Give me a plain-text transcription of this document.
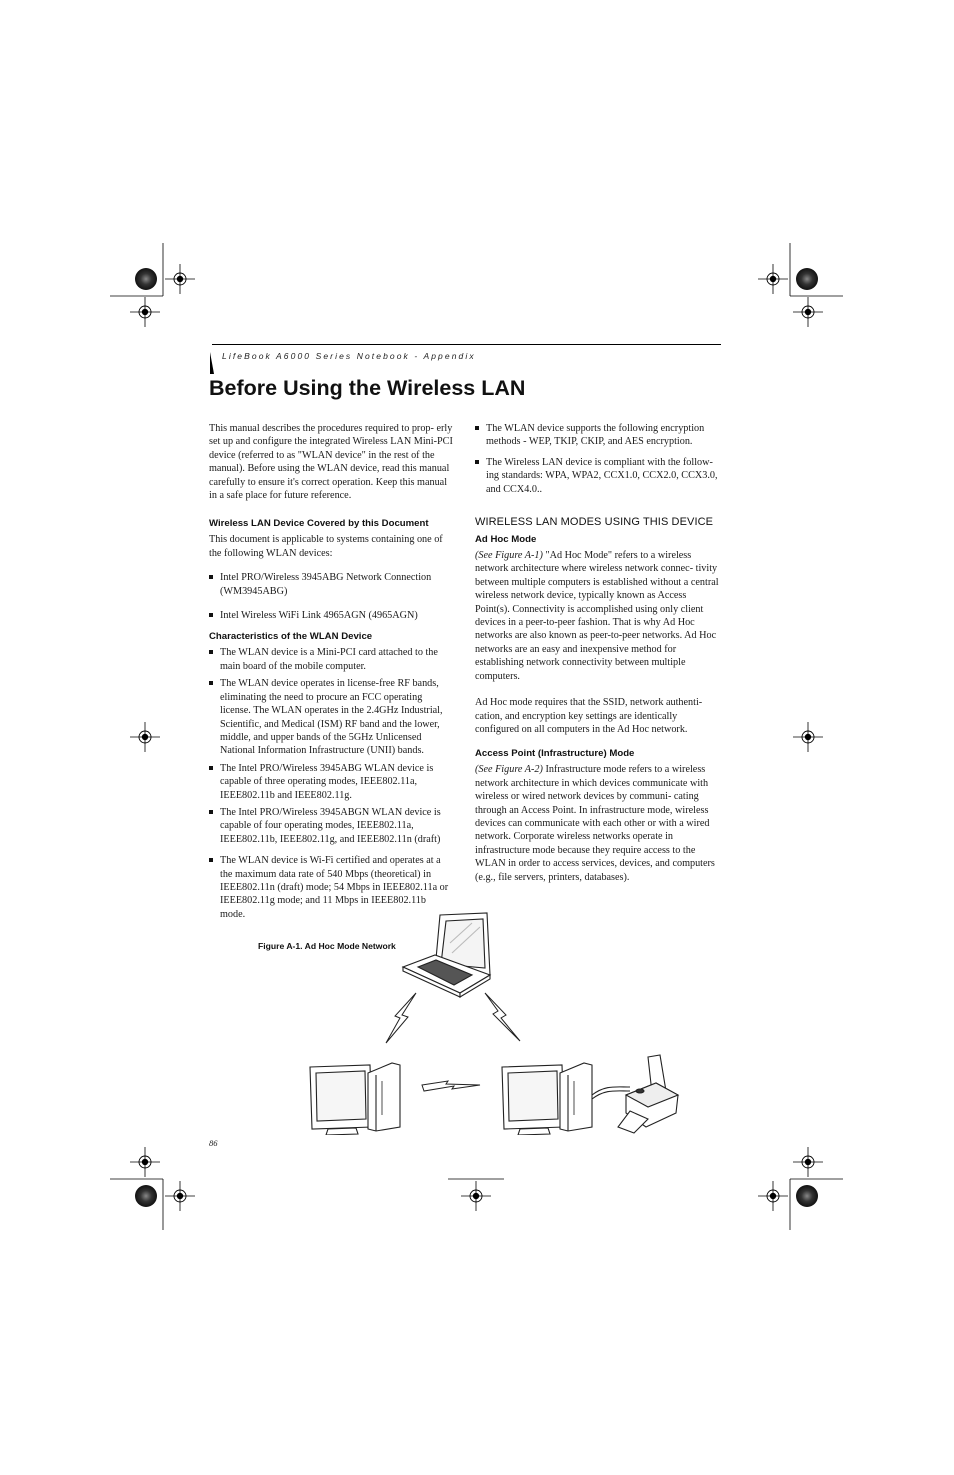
LifeBook A6000 Series Notebook - Appendix
Before Using the Wireless LAN

This manual describes the procedures required to prop- erly set up and configure the integrated Wireless LAN Mini-PCI device (referred to as "WLAN device" in the rest of the manual). Before using the WLAN device, read this manual carefully to ensure it's correct operation. Keep this manual in a safe place for future reference.

Wireless LAN Device Covered by this Document

This document is applicable to systems containing one of the following WLAN devices:

Intel PRO/Wireless 3945ABG Network Connection (WM3945ABG)
Intel Wireless WiFi Link 4965AGN (4965AGN)
Characteristics of the WLAN Device
The WLAN device is a Mini-PCI card attached to the main board of the mobile computer.
The WLAN device operates in license-free RF bands, eliminating the need to procure an FCC operating license. The WLAN operates in the 2.4GHz Industrial, Scientific, and Medical (ISM) RF band and the lower, middle, and upper bands of the 5GHz Unlicensed National Information Infrastructure (UNII) bands.
The Intel PRO/Wireless 3945ABG WLAN device is capable of three operating modes, IEEE802.11a, IEEE802.11b and IEEE802.11g.
The Intel PRO/Wireless 3945ABGN WLAN device is capable of four operating modes, IEEE802.11a, IEEE802.11b, IEEE802.11g, and IEEE802.11n (draft)
The WLAN device is Wi-Fi certified and operates at a the maximum data rate of 540 Mbps (theoretical) in IEEE802.11n (draft) mode; 54 Mbps in IEEE802.11a or IEEE802.11g mode; and 11 Mbps in IEEE802.11b mode.
The WLAN device supports the following encryption methods - WEP, TKIP, CKIP, and AES encryption.
The Wireless LAN device is compliant with the follow- ing standards: WPA, WPA2, CCX1.0, CCX2.0, CCX3.0, and CCX4.0..
WIRELESS LAN MODES USING THIS DEVICE
Ad Hoc Mode

(See Figure A-1) "Ad Hoc Mode" refers to a wireless network architecture where wireless network connec- tivity between multiple computers is established without a central wireless network device, typically known as Access Point(s). Connectivity is accomplished using only client devices in a peer-to-peer fashion. That is why Ad Hoc networks are also known as peer-to-peer networks. Ad Hoc networks are an easy and inexpensive method for establishing network connectivity between multiple computers.

Ad Hoc mode requires that the SSID, network authenti- cation, and encryption key settings are identically configured on all computers in the Ad Hoc network.

Access Point (Infrastructure) Mode

(See Figure A-2) Infrastructure mode refers to a wireless network architecture in which devices communicate with wireless or wired network devices by communi- cating through an Access Point. In infrastructure mode, wireless devices can communicate with each other or with a wired network. Corporate wireless networks operate in infrastructure mode because they require access to the WLAN in order to access services, devices, and computers (e.g., file servers, printers, databases).

Figure A-1. Ad Hoc Mode Network
86
